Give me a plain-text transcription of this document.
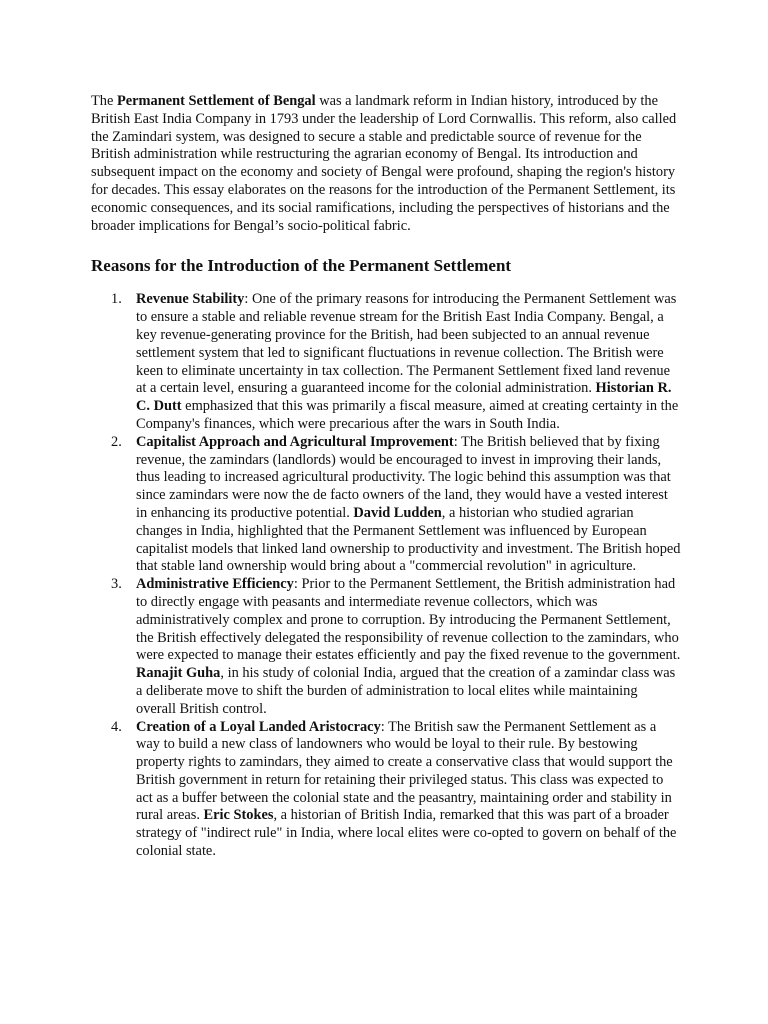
The Permanent Settlement of Bengal was a landmark reform in Indian history, introduced by the British East India Company in 1793 under the leadership of Lord Cornwallis. This reform, also called the Zamindari system, was designed to secure a stable and predictable source of revenue for the British administration while restructuring the agrarian economy of Bengal. Its introduction and subsequent impact on the economy and society of Bengal were profound, shaping the region's history for decades. This essay elaborates on the reasons for the introduction of the Permanent Settlement, its economic consequences, and its social ramifications, including the perspectives of historians and the broader implications for Bengal’s socio-political fabric.

Reasons for the Introduction of the Permanent Settlement
1. Revenue Stability: One of the primary reasons for introducing the Permanent Settlement was to ensure a stable and reliable revenue stream for the British East India Company. Bengal, a key revenue-generating province for the British, had been subjected to an annual revenue settlement system that led to significant fluctuations in revenue collection. The British were keen to eliminate uncertainty in tax collection. The Permanent Settlement fixed land revenue at a certain level, ensuring a guaranteed income for the colonial administration. Historian R. C. Dutt emphasized that this was primarily a fiscal measure, aimed at creating certainty in the Company's finances, which were precarious after the wars in South India.
2. Capitalist Approach and Agricultural Improvement: The British believed that by fixing revenue, the zamindars (landlords) would be encouraged to invest in improving their lands, thus leading to increased agricultural productivity. The logic behind this assumption was that since zamindars were now the de facto owners of the land, they would have a vested interest in enhancing its productive potential. David Ludden, a historian who studied agrarian changes in India, highlighted that the Permanent Settlement was influenced by European capitalist models that linked land ownership to productivity and investment. The British hoped that stable land ownership would bring about a "commercial revolution" in agriculture.
3. Administrative Efficiency: Prior to the Permanent Settlement, the British administration had to directly engage with peasants and intermediate revenue collectors, which was administratively complex and prone to corruption. By introducing the Permanent Settlement, the British effectively delegated the responsibility of revenue collection to the zamindars, who were expected to manage their estates efficiently and pay the fixed revenue to the government. Ranajit Guha, in his study of colonial India, argued that the creation of a zamindar class was a deliberate move to shift the burden of administration to local elites while maintaining overall British control.
4. Creation of a Loyal Landed Aristocracy: The British saw the Permanent Settlement as a way to build a new class of landowners who would be loyal to their rule. By bestowing property rights to zamindars, they aimed to create a conservative class that would support the British government in return for retaining their privileged status. This class was expected to act as a buffer between the colonial state and the peasantry, maintaining order and stability in rural areas. Eric Stokes, a historian of British India, remarked that this was part of a broader strategy of "indirect rule" in India, where local elites were co-opted to govern on behalf of the colonial state.
